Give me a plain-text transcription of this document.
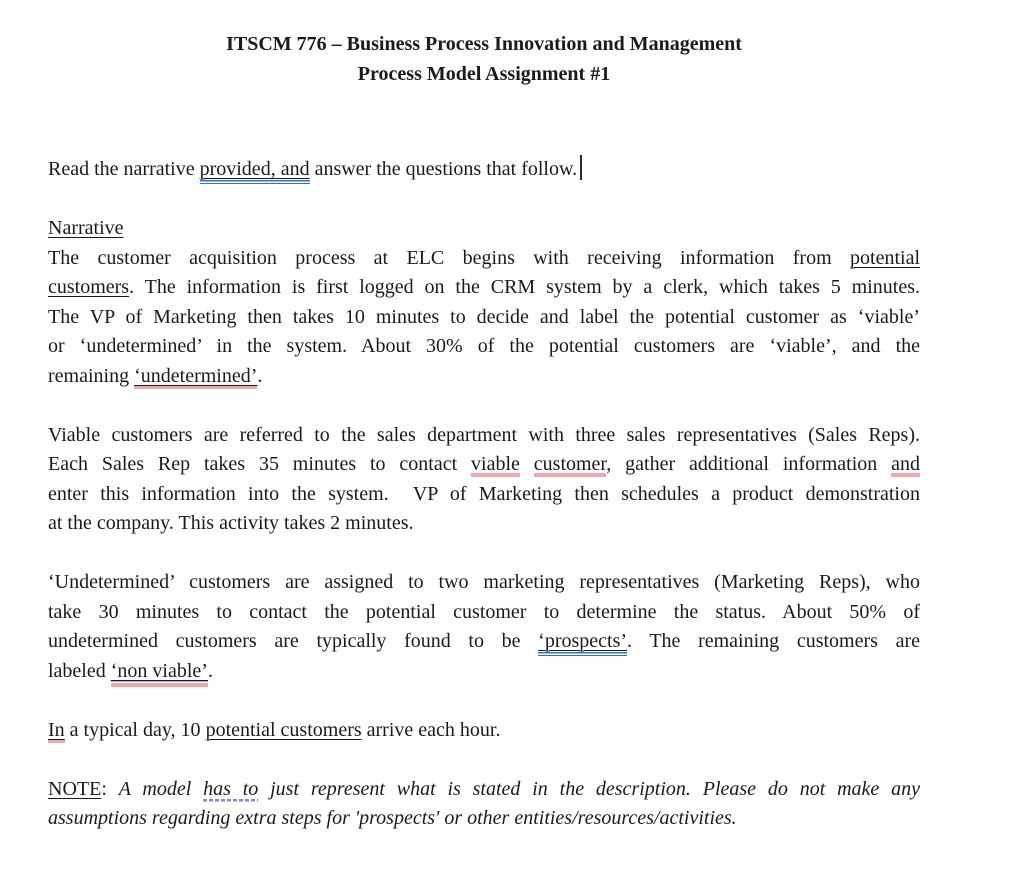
ITSCM 776 – Business Process Innovation and Management
Process Model Assignment #1
Read the narrative provided, and answer the questions that follow.
Narrative
The customer acquisition process at ELC begins with receiving information from potential
customers. The information is first logged on the CRM system by a clerk, which takes 5 minutes.
The VP of Marketing then takes 10 minutes to decide and label the potential customer as ‘viable’
or ‘undetermined’ in the system. About 30% of the potential customers are ‘viable’, and the
remaining ‘undetermined’.
Viable customers are referred to the sales department with three sales representatives (Sales Reps).
Each Sales Rep takes 35 minutes to contact viable customer, gather additional information and
enter this information into the system.  VP of Marketing then schedules a product demonstration
at the company. This activity takes 2 minutes.
‘Undetermined’ customers are assigned to two marketing representatives (Marketing Reps), who
take 30 minutes to contact the potential customer to determine the status. About 50% of
undetermined customers are typically found to be ‘prospects’. The remaining customers are
labeled ‘non viable’.
In a typical day, 10 potential customers arrive each hour.
NOTE: A model has to just represent what is stated in the description. Please do not make any
assumptions regarding extra steps for 'prospects' or other entities/resources/activities.
